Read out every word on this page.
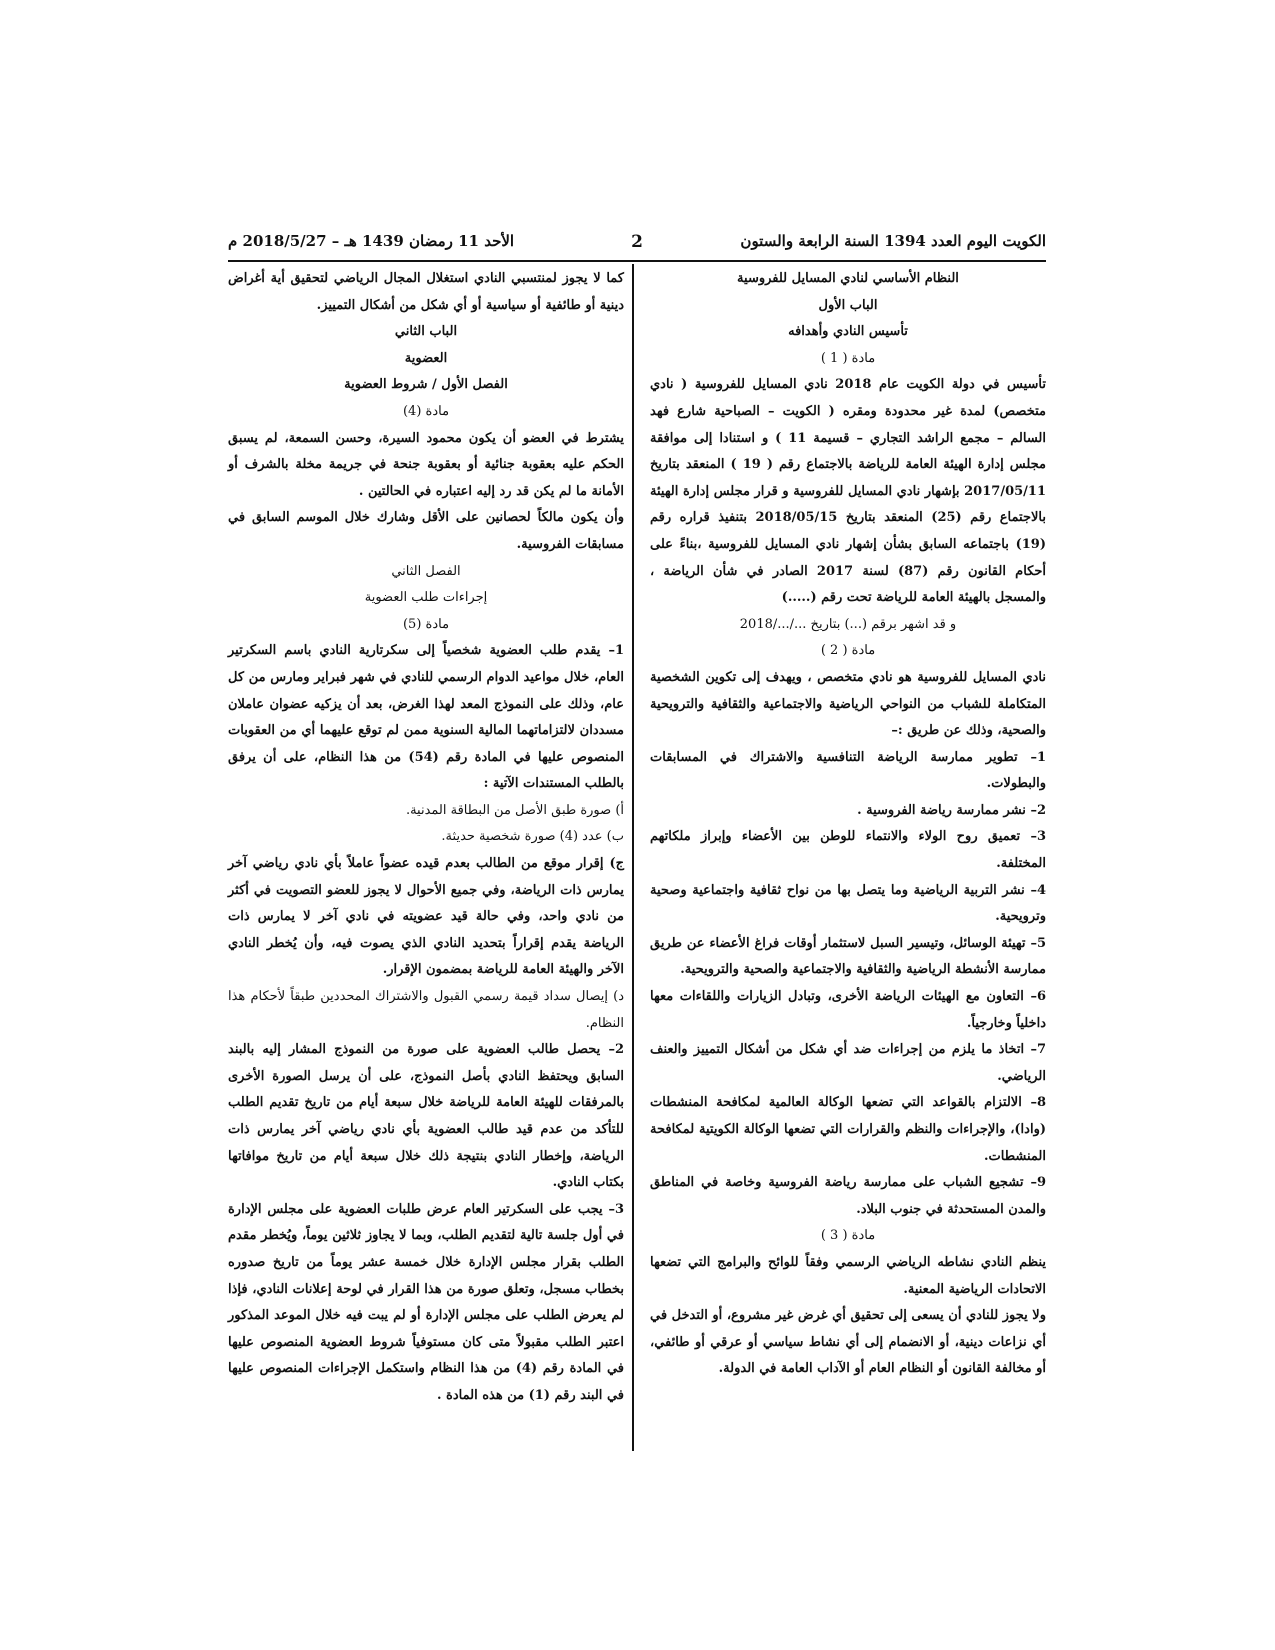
الكويت اليوم العدد 1394 السنة الرابعة والستون
2
الأحد 11 رمضان 1439 هـ – 2018/5/27 م

النظام الأساسي لنادي المسايل للفروسية

الباب الأول

تأسيس النادي وأهدافه

مادة ( 1 )

تأسيس في دولة الكويت عام 2018 نادي المسايل للفروسية ( نادي متخصص) لمدة غير محدودة ومقره ( الكويت – الصباحية شارع فهد السالم – مجمع الراشد التجاري – قسيمة 11 ) و استنادا إلى موافقة مجلس إدارة الهيئة العامة للرياضة بالاجتماع رقم ( 19 ) المنعقد بتاريخ 2017/05/11 بإشهار نادي المسايل للفروسية و قرار مجلس إدارة الهيئة بالاجتماع رقم (25) المنعقد بتاريخ 2018/05/15 بتنفيذ قراره رقم (19) باجتماعه السابق بشأن إشهار نادي المسايل للفروسية ،بناءً على أحكام القانون رقم (87) لسنة 2017 الصادر في شأن الرياضة ، والمسجل بالهيئة العامة للرياضة تحت رقم (.....)

و قد اشهر برقم (...) بتاريخ .../.../2018

مادة ( 2 )

نادي المسايل للفروسية هو نادي متخصص ، ويهدف إلى تكوين الشخصية المتكاملة للشباب من النواحي الرياضية والاجتماعية والثقافية والترويحية والصحية، وذلك عن طريق :–

1– تطوير ممارسة الرياضة التنافسية والاشتراك في المسابقات والبطولات.

2– نشر ممارسة رياضة الفروسية .

3– تعميق روح الولاء والانتماء للوطن بين الأعضاء وإبراز ملكاتهم المختلفة.

4– نشر التربية الرياضية وما يتصل بها من نواح ثقافية واجتماعية وصحية وترويحية.

5– تهيئة الوسائل، وتيسير السبل لاستثمار أوقات فراغ الأعضاء عن طريق ممارسة الأنشطة الرياضية والثقافية والاجتماعية والصحية والترويحية.

6– التعاون مع الهيئات الرياضة الأخرى، وتبادل الزيارات واللقاءات معها داخلياً وخارجياً.

7– اتخاذ ما يلزم من إجراءات ضد أي شكل من أشكال التمييز والعنف الرياضي.

8– الالتزام بالقواعد التي تضعها الوكالة العالمية لمكافحة المنشطات (وادا)، والإجراءات والنظم والقرارات التي تضعها الوكالة الكويتية لمكافحة المنشطات.

9– تشجيع الشباب على ممارسة رياضة الفروسية وخاصة في المناطق والمدن المستحدثة في جنوب البلاد.

مادة ( 3 )

ينظم النادي نشاطه الرياضي الرسمي وفقاً للوائح والبرامج التي تضعها الاتحادات الرياضية المعنية.

ولا يجوز للنادي أن يسعى إلى تحقيق أي غرض غير مشروع، أو التدخل في أي نزاعات دينية، أو الانضمام إلى أي نشاط سياسي أو عرقي أو طائفي، أو مخالفة القانون أو النظام العام أو الآداب العامة في الدولة.

كما لا يجوز لمنتسبي النادي استغلال المجال الرياضي لتحقيق أية أغراض دينية أو طائفية أو سياسية أو أي شكل من أشكال التمييز.

الباب الثاني

العضوية

الفصل الأول / شروط العضوية

مادة (4)

يشترط في العضو أن يكون محمود السيرة، وحسن السمعة، لم يسبق الحكم عليه بعقوبة جنائية أو بعقوبة جنحة في جريمة مخلة بالشرف أو الأمانة ما لم يكن قد رد إليه اعتباره في الحالتين .

وأن يكون مالكاً لحصانين على الأقل وشارك خلال الموسم السابق في مسابقات الفروسية.

الفصل الثاني

إجراءات طلب العضوية

مادة (5)

1– يقدم طلب العضوية شخصياً إلى سكرتارية النادي باسم السكرتير العام، خلال مواعيد الدوام الرسمي للنادي في شهر فبراير ومارس من كل عام، وذلك على النموذج المعد لهذا الغرض، بعد أن يزكيه عضوان عاملان مسددان لالتزاماتهما المالية السنوية ممن لم توقع عليهما أي من العقوبات المنصوص عليها في المادة رقم (54) من هذا النظام، على أن يرفق بالطلب المستندات الآتية :

أ) صورة طبق الأصل من البطاقة المدنية.

ب) عدد (4) صورة شخصية حديثة.

ج) إقرار موقع من الطالب بعدم قيده عضواً عاملاً بأي نادي رياضي آخر يمارس ذات الرياضة، وفي جميع الأحوال لا يجوز للعضو التصويت في أكثر من نادي واحد، وفي حالة قيد عضويته في نادي آخر لا يمارس ذات الرياضة يقدم إقراراً بتحديد النادي الذي يصوت فيه، وأن يُخطر النادي الآخر والهيئة العامة للرياضة بمضمون الإقرار.

د) إيصال سداد قيمة رسمي القبول والاشتراك المحددين طبقاً لأحكام هذا النظام.

2– يحصل طالب العضوية على صورة من النموذج المشار إليه بالبند السابق ويحتفظ النادي بأصل النموذج، على أن يرسل الصورة الأخرى بالمرفقات للهيئة العامة للرياضة خلال سبعة أيام من تاريخ تقديم الطلب للتأكد من عدم قيد طالب العضوية بأي نادي رياضي آخر يمارس ذات الرياضة، وإخطار النادي بنتيجة ذلك خلال سبعة أيام من تاريخ موافاتها بكتاب النادي.

3– يجب على السكرتير العام عرض طلبات العضوية على مجلس الإدارة في أول جلسة تالية لتقديم الطلب، وبما لا يجاوز ثلاثين يوماً، ويُخطر مقدم الطلب بقرار مجلس الإدارة خلال خمسة عشر يوماً من تاريخ صدوره بخطاب مسجل، وتعلق صورة من هذا القرار في لوحة إعلانات النادي، فإذا لم يعرض الطلب على مجلس الإدارة أو لم يبت فيه خلال الموعد المذكور اعتبر الطلب مقبولاً متى كان مستوفياً شروط العضوية المنصوص عليها في المادة رقم (4) من هذا النظام واستكمل الإجراءات المنصوص عليها في البند رقم (1) من هذه المادة .
